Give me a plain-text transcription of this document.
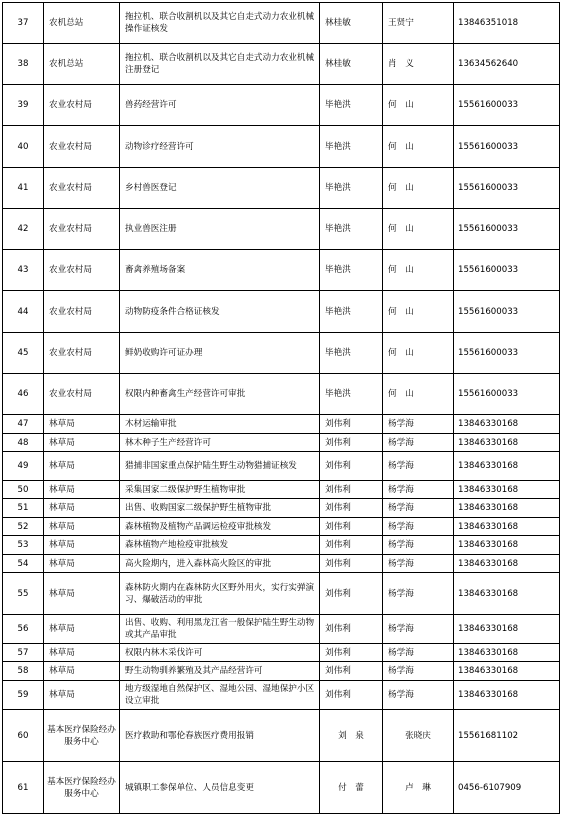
37	农机总站	拖拉机、联合收割机以及其它自走式动力农业机械操作证核发	林桂敏	王贤宁	13846351018
38	农机总站	拖拉机、联合收割机以及其它自走式动力农业机械注册登记	林桂敏	肖　义	13634562640
39	农业农村局	兽药经营许可	毕艳洪	何　山	15561600033
40	农业农村局	动物诊疗经营许可	毕艳洪	何　山	15561600033
41	农业农村局	乡村兽医登记	毕艳洪	何　山	15561600033
42	农业农村局	执业兽医注册	毕艳洪	何　山	15561600033
43	农业农村局	畜禽养殖场备案	毕艳洪	何　山	15561600033
44	农业农村局	动物防疫条件合格证核发	毕艳洪	何　山	15561600033
45	农业农村局	鲜奶收购许可证办理	毕艳洪	何　山	15561600033
46	农业农村局	权限内种畜禽生产经营许可审批	毕艳洪	何　山	15561600033
47	林草局	木材运输审批	刘伟利	杨学海	13846330168
48	林草局	林木种子生产经营许可	刘伟利	杨学海	13846330168
49	林草局	猎捕非国家重点保护陆生野生动物猎捕证核发	刘伟利	杨学海	13846330168
50	林草局	采集国家二级保护野生植物审批	刘伟利	杨学海	13846330168
51	林草局	出售、收购国家二级保护野生植物审批	刘伟利	杨学海	13846330168
52	林草局	森林植物及植物产品调运检疫审批核发	刘伟利	杨学海	13846330168
53	林草局	森林植物产地检疫审批核发	刘伟利	杨学海	13846330168
54	林草局	高火险期内，进入森林高火险区的审批	刘伟利	杨学海	13846330168
55	林草局	森林防火期内在森林防火区野外用火，实行实弹演习、爆破活动的审批	刘伟利	杨学海	13846330168
56	林草局	出售、收购、利用黑龙江省一般保护陆生野生动物或其产品审批	刘伟利	杨学海	13846330168
57	林草局	权限内林木采伐许可	刘伟利	杨学海	13846330168
58	林草局	野生动物驯养繁殖及其产品经营许可	刘伟利	杨学海	13846330168
59	林草局	地方级湿地自然保护区、湿地公园、湿地保护小区设立审批	刘伟利	杨学海	13846330168
60	基本医疗保险经办服务中心	医疗救助和鄂伦春族医疗费用报销	刘　泉	张晓庆	15561681102
61	基本医疗保险经办服务中心	城镇职工参保单位、人员信息变更	付　蕾	卢　琳	0456-6107909
